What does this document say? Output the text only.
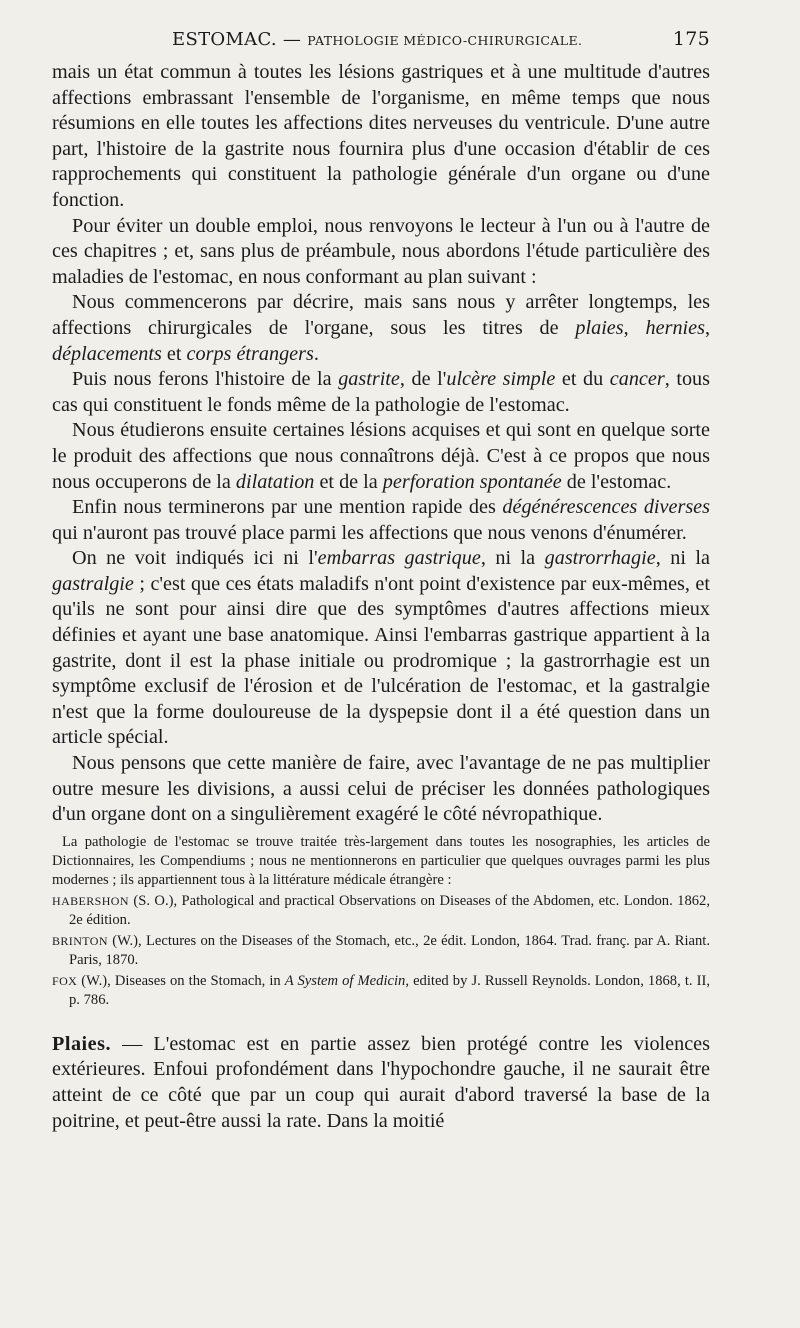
ESTOMAC. — PATHOLOGIE MÉDICO-CHIRURGICALE.	175

mais un état commun à toutes les lésions gastriques et à une multitude d'autres affections embrassant l'ensemble de l'organisme, en même temps que nous résumions en elle toutes les affections dites nerveuses du ventricule. D'une autre part, l'histoire de la gastrite nous fournira plus d'une occasion d'établir de ces rapprochements qui constituent la pathologie générale d'un organe ou d'une fonction.

Pour éviter un double emploi, nous renvoyons le lecteur à l'un ou à l'autre de ces chapitres ; et, sans plus de préambule, nous abordons l'étude particulière des maladies de l'estomac, en nous conformant au plan suivant :

Nous commencerons par décrire, mais sans nous y arrêter longtemps, les affections chirurgicales de l'organe, sous les titres de plaies, hernies, déplacements et corps étrangers.

Puis nous ferons l'histoire de la gastrite, de l'ulcère simple et du cancer, tous cas qui constituent le fonds même de la pathologie de l'estomac.

Nous étudierons ensuite certaines lésions acquises et qui sont en quelque sorte le produit des affections que nous connaîtrons déjà. C'est à ce propos que nous nous occuperons de la dilatation et de la perforation spontanée de l'estomac.

Enfin nous terminerons par une mention rapide des dégénérescences diverses qui n'auront pas trouvé place parmi les affections que nous venons d'énumérer.

On ne voit indiqués ici ni l'embarras gastrique, ni la gastrorrhagie, ni la gastralgie ; c'est que ces états maladifs n'ont point d'existence par eux-mêmes, et qu'ils ne sont pour ainsi dire que des symptômes d'autres affections mieux définies et ayant une base anatomique. Ainsi l'embarras gastrique appartient à la gastrite, dont il est la phase initiale ou prodromique ; la gastrorrhagie est un symptôme exclusif de l'érosion et de l'ulcération de l'estomac, et la gastralgie n'est que la forme douloureuse de la dyspepsie dont il a été question dans un article spécial.

Nous pensons que cette manière de faire, avec l'avantage de ne pas multiplier outre mesure les divisions, a aussi celui de préciser les données pathologiques d'un organe dont on a singulièrement exagéré le côté névropathique.

La pathologie de l'estomac se trouve traitée très-largement dans toutes les nosographies, les articles de Dictionnaires, les Compendiums ; nous ne mentionnerons en particulier que quelques ouvrages parmi les plus modernes ; ils appartiennent tous à la littérature médicale étrangère :

HABERSHON (S. O.), Pathological and practical Observations on Diseases of the Abdomen, etc. London. 1862, 2e édition.

BRINTON (W.), Lectures on the Diseases of the Stomach, etc., 2e édit. London, 1864. Trad. franç. par A. Riant. Paris, 1870.

FOX (W.), Diseases on the Stomach, in A System of Medicin, edited by J. Russell Reynolds. London, 1868, t. II, p. 786.

Plaies. — L'estomac est en partie assez bien protégé contre les violences extérieures. Enfoui profondément dans l'hypochondre gauche, il ne saurait être atteint de ce côté que par un coup qui aurait d'abord traversé la base de la poitrine, et peut-être aussi la rate. Dans la moitié
